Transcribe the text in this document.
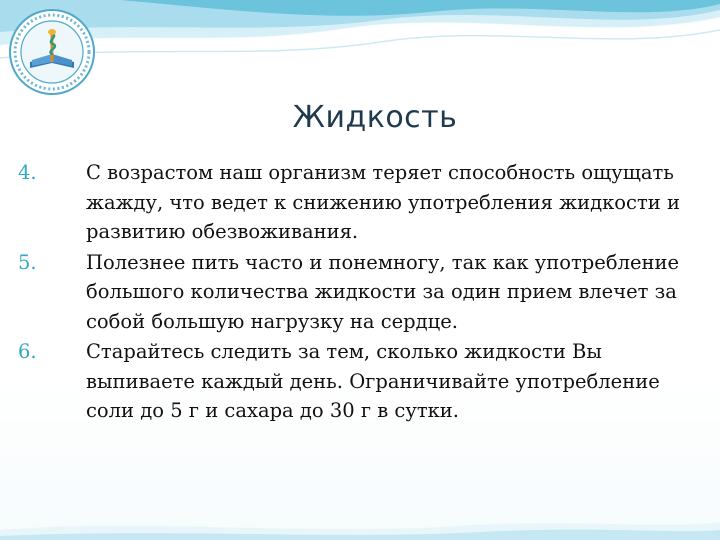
Жидкость
4.	С возрастом наш организм теряет способность ощущать жажду, что ведет к снижению употребления жидкости и развитию обезвоживания.
5.	Полезнее пить часто и понемногу, так как употребление большого количества жидкости за один прием влечет за собой большую нагрузку на сердце.
6.	Старайтесь следить за тем, сколько жидкости Вы выпиваете каждый день. Ограничивайте употребление соли до 5 г и сахара до 30 г в сутки.
